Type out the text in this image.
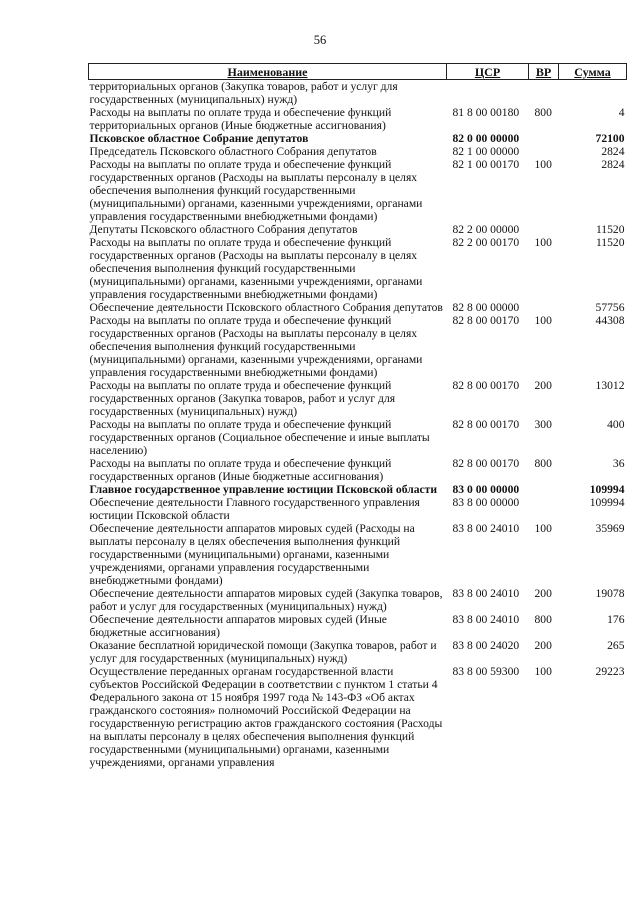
56
Наименование	ЦСР	ВР	Сумма
территориальных органов (Закупка товаров, работ и услуг для государственных (муниципальных) нужд)			
Расходы на выплаты по оплате труда и обеспечение функций территориальных органов (Иные бюджетные ассигнования)	81 8 00 00180	800	4
Псковское областное Собрание депутатов	82 0 00 00000		72100
Председатель Псковского областного Собрания депутатов	82 1 00 00000		2824
Расходы на выплаты по оплате труда и обеспечение функций государственных органов (Расходы на выплаты персоналу в целях обеспечения выполнения функций государственными (муниципальными) органами, казенными учреждениями, органами управления государственными внебюджетными фондами)	82 1 00 00170	100	2824
Депутаты Псковского областного Собрания депутатов	82 2 00 00000		11520
Расходы на выплаты по оплате труда и обеспечение функций государственных органов (Расходы на выплаты персоналу в целях обеспечения выполнения функций государственными (муниципальными) органами, казенными учреждениями, органами управления государственными внебюджетными фондами)	82 2 00 00170	100	11520
Обеспечение деятельности Псковского областного Собрания депутатов	82 8 00 00000		57756
Расходы на выплаты по оплате труда и обеспечение функций государственных органов (Расходы на выплаты персоналу в целях обеспечения выполнения функций государственными (муниципальными) органами, казенными учреждениями, органами управления государственными внебюджетными фондами)	82 8 00 00170	100	44308
Расходы на выплаты по оплате труда и обеспечение функций государственных органов (Закупка товаров, работ и услуг для государственных (муниципальных) нужд)	82 8 00 00170	200	13012
Расходы на выплаты по оплате труда и обеспечение функций государственных органов (Социальное обеспечение и иные выплаты населению)	82 8 00 00170	300	400
Расходы на выплаты по оплате труда и обеспечение функций государственных органов (Иные бюджетные ассигнования)	82 8 00 00170	800	36
Главное государственное управление юстиции Псковской области	83 0 00 00000		109994
Обеспечение деятельности Главного государственного управления юстиции Псковской области	83 8 00 00000		109994
Обеспечение деятельности аппаратов мировых судей (Расходы на выплаты персоналу в целях обеспечения выполнения функций государственными (муниципальными) органами, казенными учреждениями, органами управления государственными внебюджетными фондами)	83 8 00 24010	100	35969
Обеспечение деятельности аппаратов мировых судей (Закупка товаров, работ и услуг для государственных (муниципальных) нужд)	83 8 00 24010	200	19078
Обеспечение деятельности аппаратов мировых судей (Иные бюджетные ассигнования)	83 8 00 24010	800	176
Оказание бесплатной юридической помощи (Закупка товаров, работ и услуг для государственных (муниципальных) нужд)	83 8 00 24020	200	265
Осуществление переданных органам государственной власти субъектов Российской Федерации в соответствии с пунктом 1 статьи 4 Федерального закона от 15 ноября 1997 года № 143-ФЗ «Об актах гражданского состояния» полномочий Российской Федерации на государственную регистрацию актов гражданского состояния (Расходы на выплаты персоналу в целях обеспечения выполнения функций государственными (муниципальными) органами, казенными учреждениями, органами управления	83 8 00 59300	100	29223
